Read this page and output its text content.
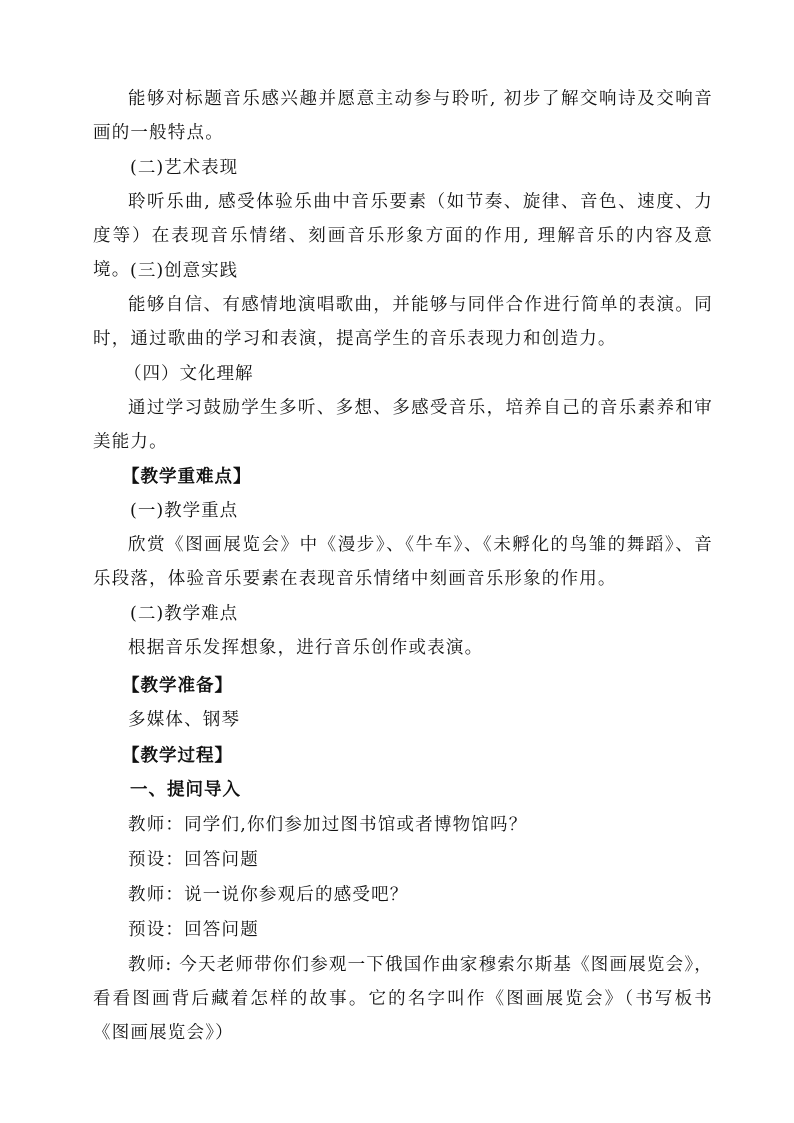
能够对标题音乐感兴趣并愿意主动参与聆听, 初步了解交响诗及交响音画的一般特点。

(二)艺术表现

聆听乐曲, 感受体验乐曲中音乐要素（如节奏、旋律、音色、速度、力度等）在表现音乐情绪、刻画音乐形象方面的作用, 理解音乐的内容及意境。 (三)创意实践

能够自信、有感情地演唱歌曲，并能够与同伴合作进行简单的表演。同时，通过歌曲的学习和表演，提高学生的音乐表现力和创造力。

（四）文化理解

通过学习鼓励学生多听、多想、多感受音乐，培养自己的音乐素养和审美能力。

【教学重难点】

(一)教学重点

欣赏《图画展览会》中《漫步》、《牛车》、《未孵化的鸟雏的舞蹈》、音乐段落，体验音乐要素在表现音乐情绪中刻画音乐形象的作用。

(二)教学难点

根据音乐发挥想象，进行音乐创作或表演。

【教学准备】

多媒体、钢琴

【教学过程】

一、提问导入

教师：同学们,你们参加过图书馆或者博物馆吗？

预设：回答问题

教师：说一说你参观后的感受吧？

预设：回答问题

教师: 今天老师带你们参观一下俄国作曲家穆索尔斯基《图画展览会》，看看图画背后藏着怎样的故事。它的名字叫作《图画展览会》（书写板书《图画展览会》）
